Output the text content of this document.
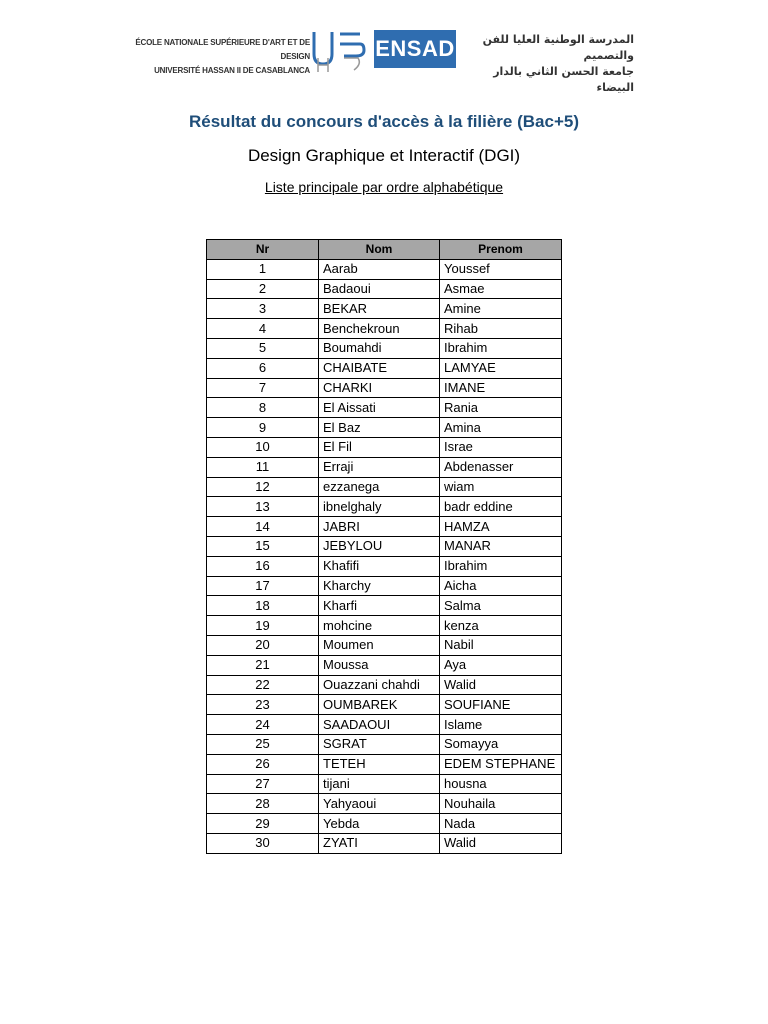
ÉCOLE NATIONALE SUPÉRIEURE D'ART ET DE DESIGN
UNIVERSITÉ HASSAN II DE CASABLANCA
ENSAD	المدرسة الوطنية العليا للفن والتصميم
جامعة الحسن الثاني بالدار البيضاء
Résultat du concours d'accès à la filière (Bac+5)
Design Graphique et Interactif (DGI)
Liste principale par ordre alphabétique
Nr	Nom	Prenom
1	Aarab	Youssef
2	Badaoui	Asmae
3	BEKAR	Amine
4	Benchekroun	Rihab
5	Boumahdi	Ibrahim
6	CHAIBATE	LAMYAE
7	CHARKI	IMANE
8	El Aissati	Rania
9	El Baz	Amina
10	El Fil	Israe
11	Erraji	Abdenasser
12	ezzanega	wiam
13	ibnelghaly	badr eddine
14	JABRI	HAMZA
15	JEBYLOU	MANAR
16	Khafifi	Ibrahim
17	Kharchy	Aicha
18	Kharfi	Salma
19	mohcine	kenza
20	Moumen	Nabil
21	Moussa	Aya
22	Ouazzani chahdi	Walid
23	OUMBAREK	SOUFIANE
24	SAADAOUI	Islame
25	SGRAT	Somayya
26	TETEH	EDEM STEPHANE
27	tijani	housna
28	Yahyaoui	Nouhaila
29	Yebda	Nada
30	ZYATI	Walid
